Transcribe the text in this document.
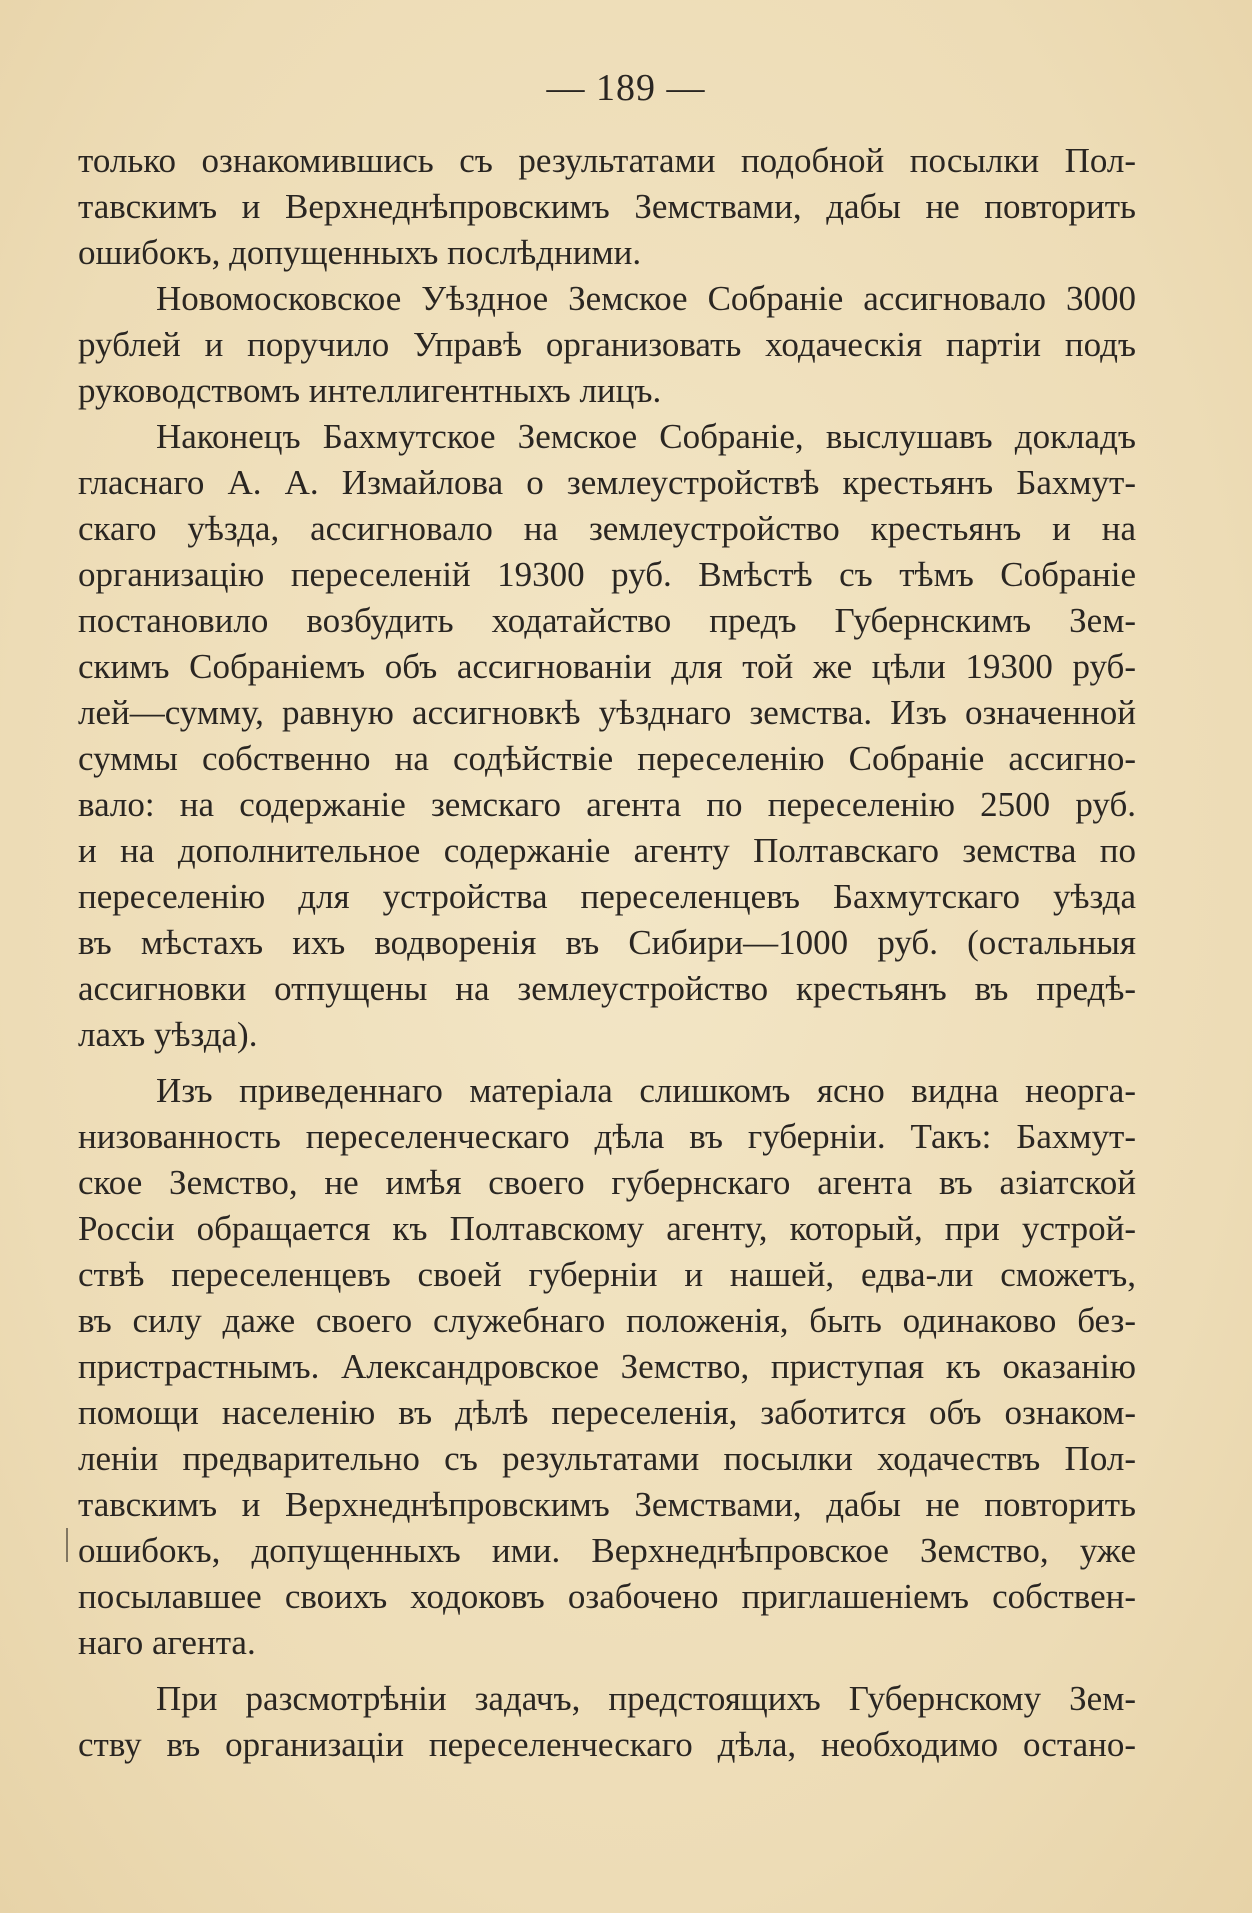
— 189 —
только ознакомившись съ результатами подобной посылки Пол-
тавскимъ и Верхнеднѣпровскимъ Земствами, дабы не повторить
ошибокъ, допущенныхъ послѣдними.
Новомосковское Уѣздное Земское Собраніе ассигновало 3000
рублей и поручило Управѣ организовать ходаческія партіи подъ
руководствомъ интеллигентныхъ лицъ.
Наконецъ Бахмутское Земское Собраніе, выслушавъ докладъ
гласнаго А. А. Измайлова о землеустройствѣ крестьянъ Бахмут-
скаго уѣзда, ассигновало на землеустройство крестьянъ и на
организацію переселеній 19300 руб. Вмѣстѣ съ тѣмъ Собраніе
постановило возбудить ходатайство предъ Губернскимъ Зем-
скимъ Собраніемъ объ ассигнованіи для той же цѣли 19300 руб-
лей—сумму, равную ассигновкѣ уѣзднаго земства. Изъ означенной
суммы собственно на содѣйствіе переселенію Собраніе ассигно-
вало: на содержаніе земскаго агента по переселенію 2500 руб.
и на дополнительное содержаніе агенту Полтавскаго земства по
переселенію для устройства переселенцевъ Бахмутскаго уѣзда
въ мѣстахъ ихъ водворенія въ Сибири—1000 руб. (остальныя
ассигновки отпущены на землеустройство крестьянъ въ предѣ-
лахъ уѣзда).
Изъ приведеннаго матеріала слишкомъ ясно видна неорга-
низованность переселенческаго дѣла въ губерніи. Такъ: Бахмут-
ское Земство, не имѣя своего губернскаго агента въ азіатской
Россіи обращается къ Полтавскому агенту, который, при устрой-
ствѣ переселенцевъ своей губерніи и нашей, едва-ли сможетъ,
въ силу даже своего служебнаго положенія, быть одинаково без-
пристрастнымъ. Александровское Земство, приступая къ оказанію
помощи населенію въ дѣлѣ переселенія, заботится объ ознаком-
леніи предварительно съ результатами посылки ходачествъ Пол-
тавскимъ и Верхнеднѣпровскимъ Земствами, дабы не повторить
ошибокъ, допущенныхъ ими. Верхнеднѣпровское Земство, уже
посылавшее своихъ ходоковъ озабочено приглашеніемъ собствен-
наго агента.
При разсмотрѣніи задачъ, предстоящихъ Губернскому Зем-
ству въ организаціи переселенческаго дѣла, необходимо остано-
